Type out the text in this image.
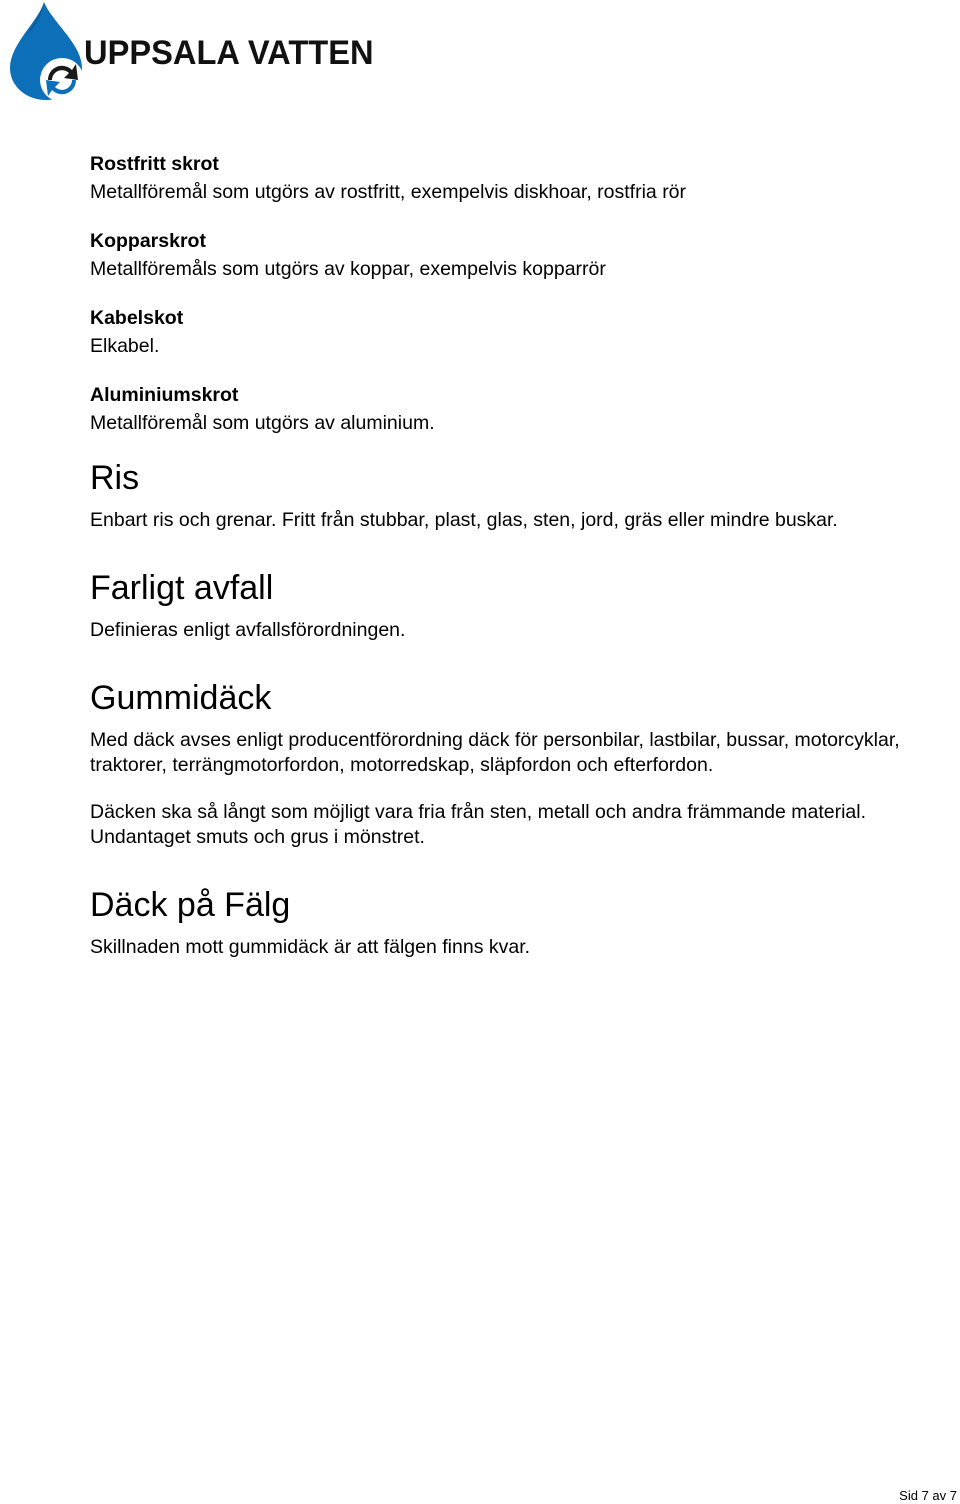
UPPSALA VATTEN

Rostfritt skrot

Metallföremål som utgörs av rostfritt, exempelvis diskhoar, rostfria rör

Kopparskrot

Metallföremåls som utgörs av koppar, exempelvis kopparrör

Kabelskot

Elkabel.

Aluminiumskrot

Metallföremål som utgörs av aluminium.

Ris

Enbart ris och grenar. Fritt från stubbar, plast, glas, sten, jord, gräs eller mindre buskar.

Farligt avfall

Definieras enligt avfallsförordningen.

Gummidäck

Med däck avses enligt producentförordning däck för personbilar, lastbilar, bussar, motorcyklar, traktorer, terrängmotorfordon, motorredskap, släpfordon och efterfordon.

Däcken ska så långt som möjligt vara fria från sten, metall och andra främmande material. Undantaget smuts och grus i mönstret.

Däck på Fälg

Skillnaden mott gummidäck är att fälgen finns kvar.

Sid 7 av 7
